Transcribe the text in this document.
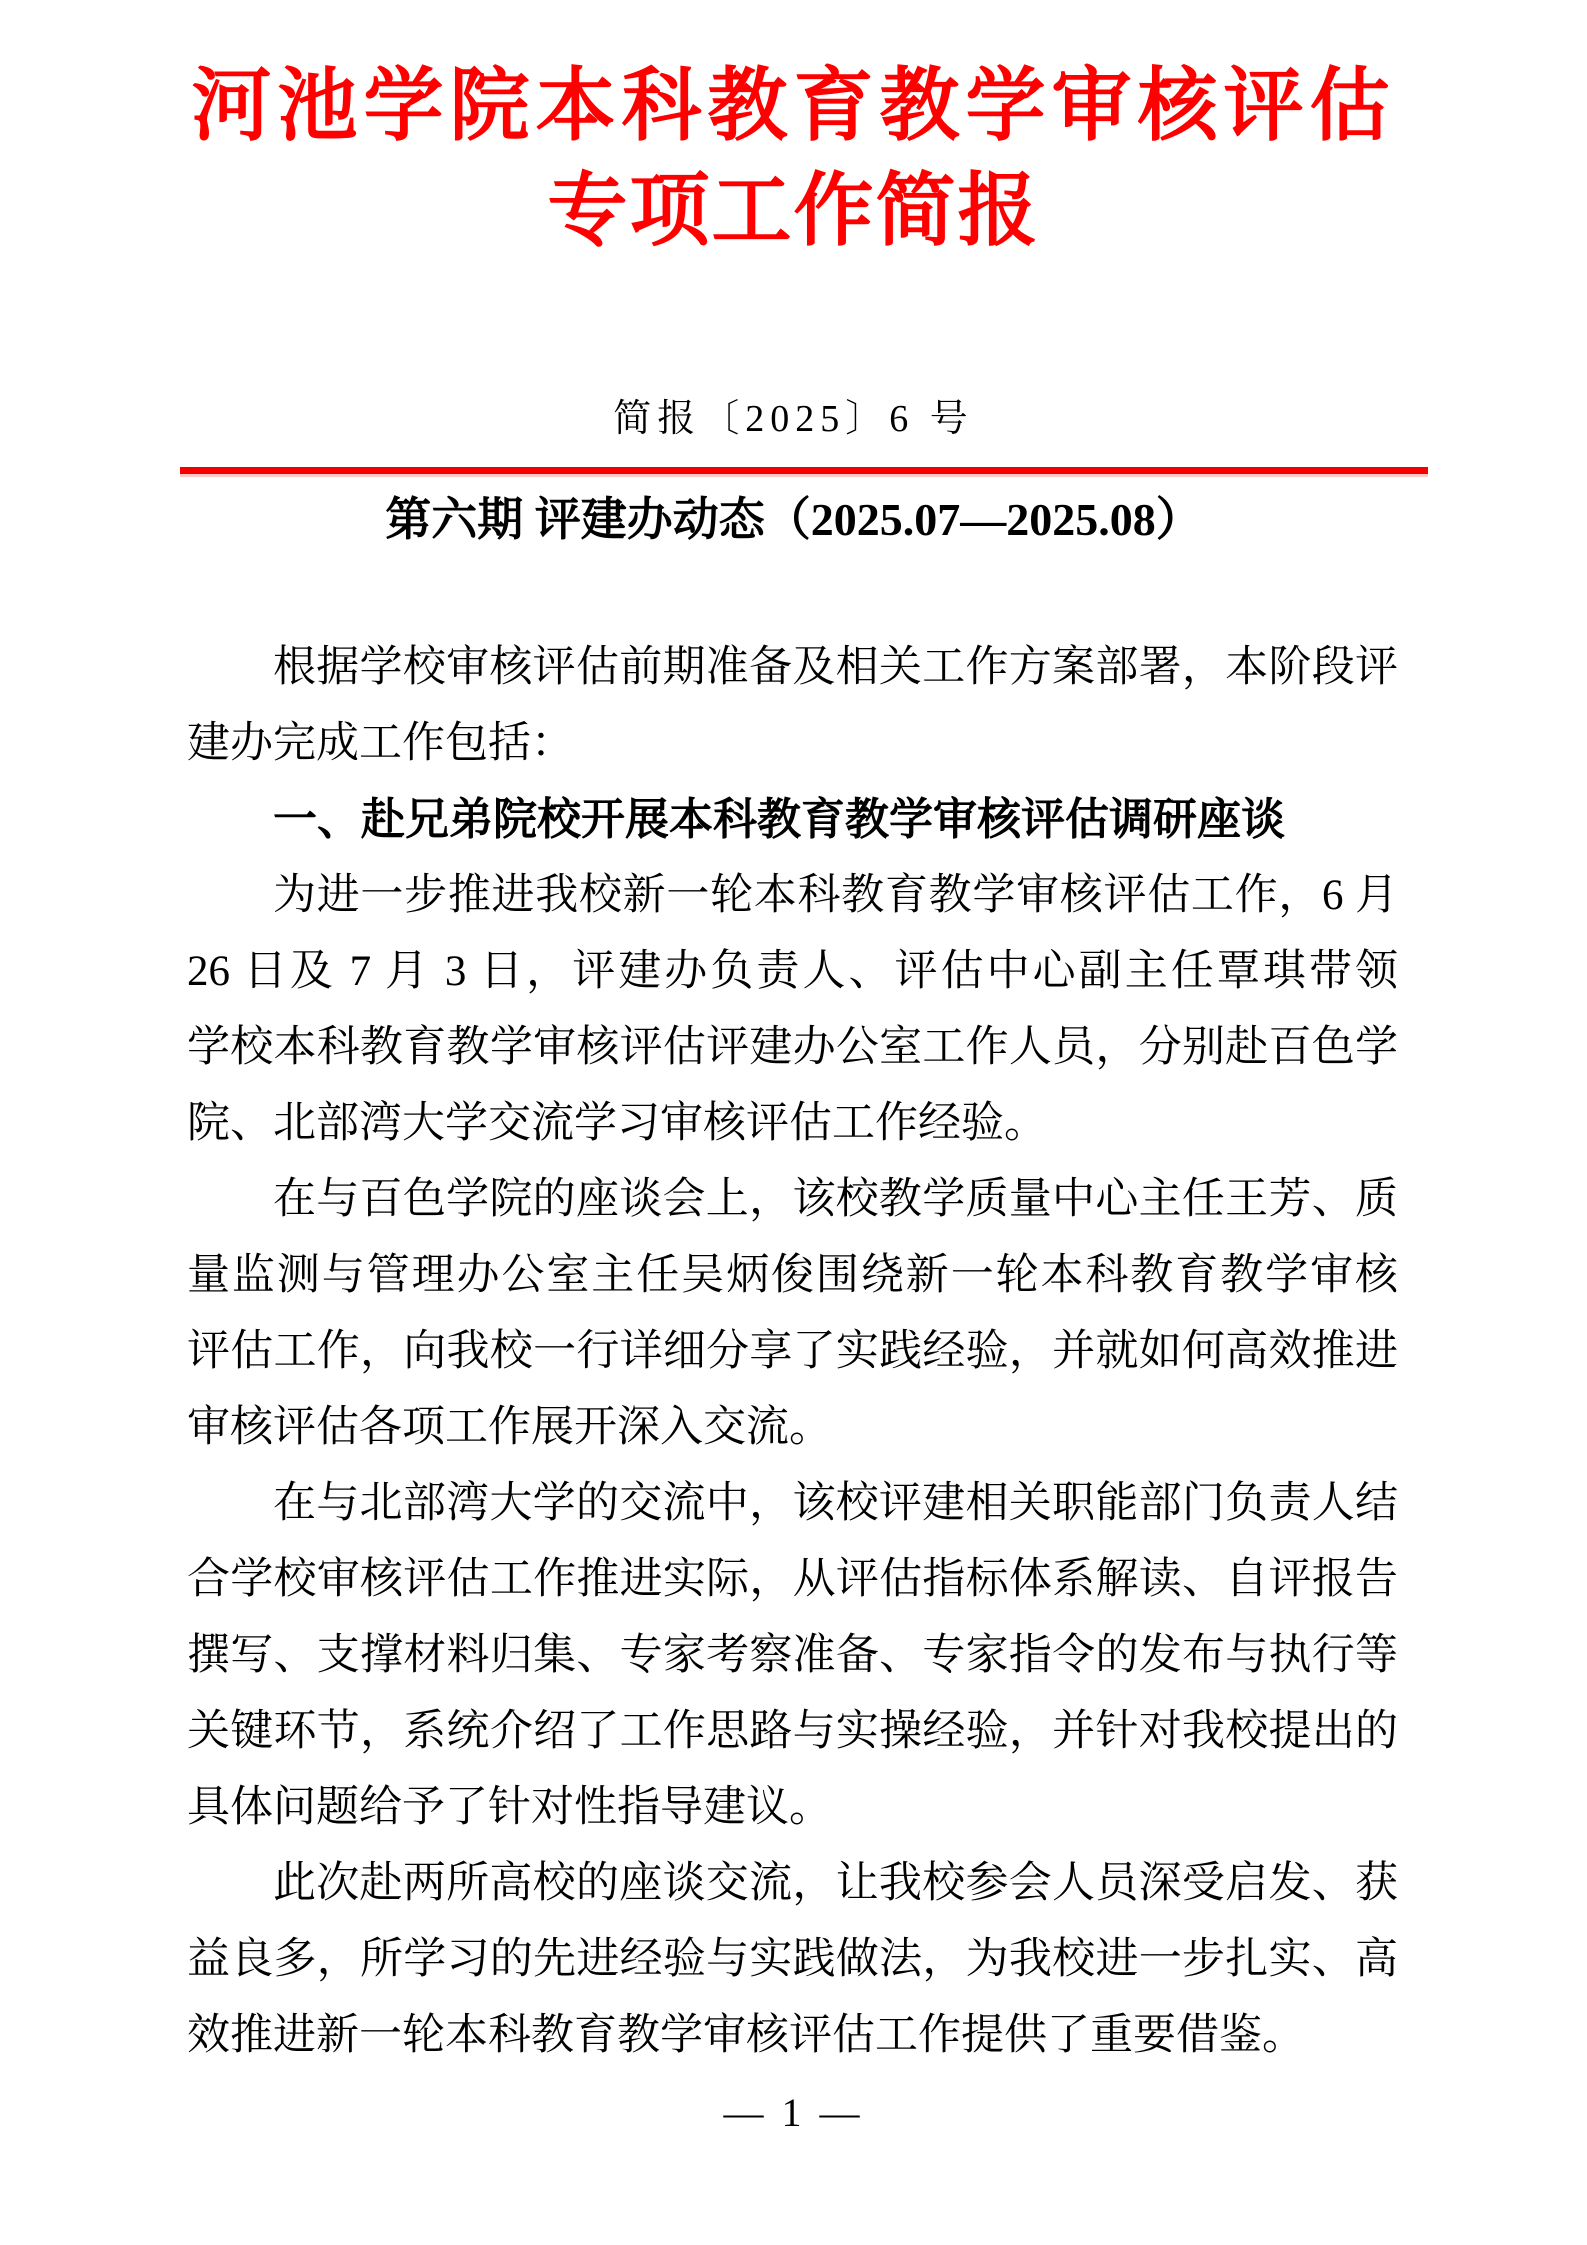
河池学院本科教育教学审核评估
专项工作简报
简报〔2025〕6 号
第六期 评建办动态（2025.07—2025.08）

根据学校审核评估前期准备及相关工作方案部署，本阶段评

建办完成工作包括：

一、赴兄弟院校开展本科教育教学审核评估调研座谈

为进一步推进我校新一轮本科教育教学审核评估工作，6 月

26 日及 7 月 3 日，评建办负责人、评估中心副主任覃琪带领

学校本科教育教学审核评估评建办公室工作人员，分别赴百色学

院、北部湾大学交流学习审核评估工作经验。

在与百色学院的座谈会上，该校教学质量中心主任王芳、质

量监测与管理办公室主任吴炳俊围绕新一轮本科教育教学审核

评估工作，向我校一行详细分享了实践经验，并就如何高效推进

审核评估各项工作展开深入交流。

在与北部湾大学的交流中，该校评建相关职能部门负责人结

合学校审核评估工作推进实际，从评估指标体系解读、自评报告

撰写、支撑材料归集、专家考察准备、专家指令的发布与执行等

关键环节，系统介绍了工作思路与实操经验，并针对我校提出的

具体问题给予了针对性指导建议。

此次赴两所高校的座谈交流，让我校参会人员深受启发、获

益良多，所学习的先进经验与实践做法，为我校进一步扎实、高

效推进新一轮本科教育教学审核评估工作提供了重要借鉴。

— 1 —
